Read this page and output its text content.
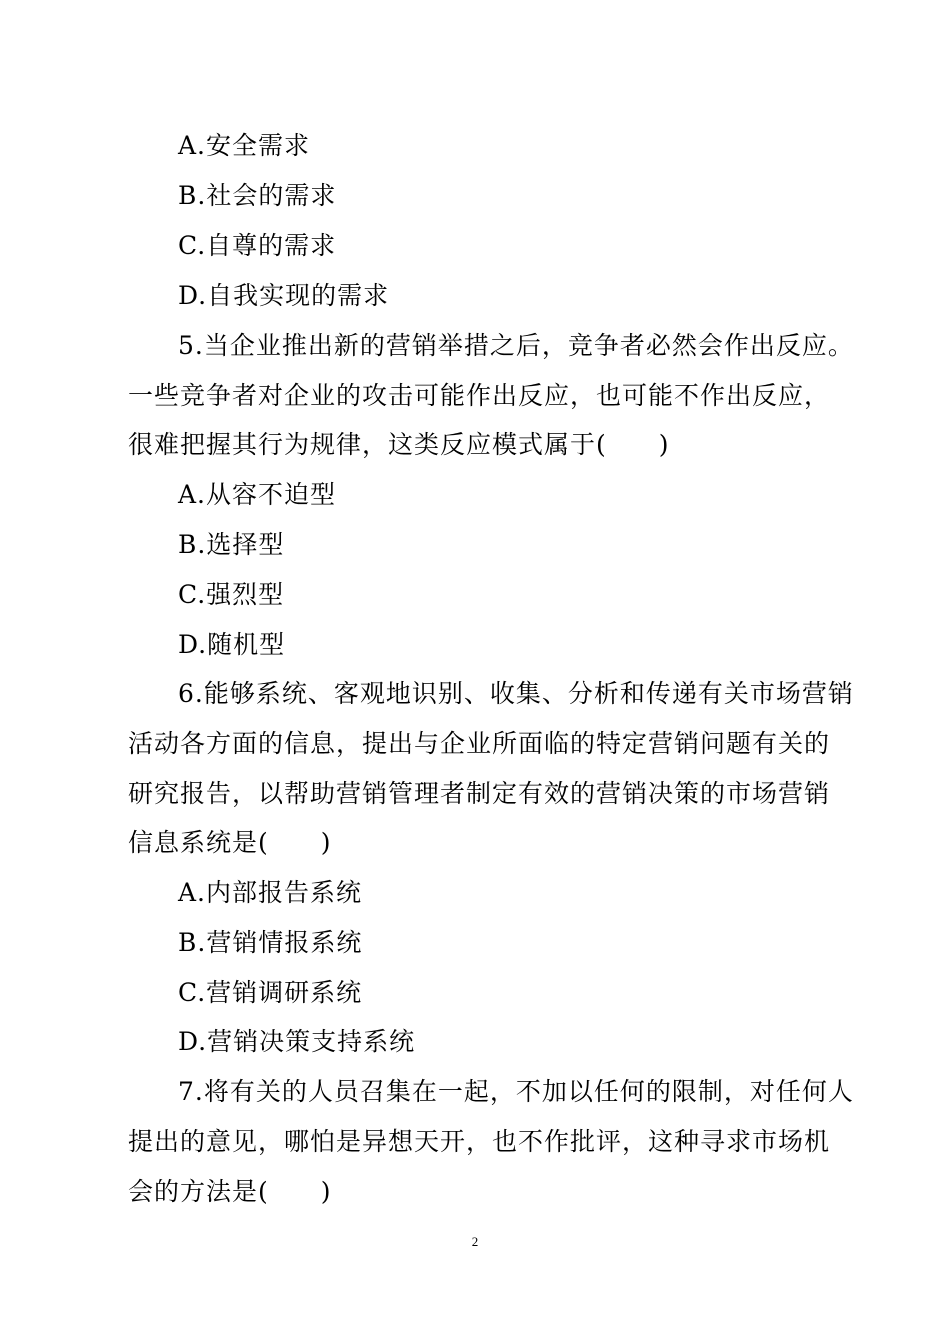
A.安全需求
B.社会的需求
C.自尊的需求
D.自我实现的需求
5.当企业推出新的营销举措之后，竞争者必然会作出反应。
一些竞争者对企业的攻击可能作出反应，也可能不作出反应，
很难把握其行为规律，这类反应模式属于(　　)
A.从容不迫型
B.选择型
C.强烈型
D.随机型
6.能够系统、客观地识别、收集、分析和传递有关市场营销
活动各方面的信息，提出与企业所面临的特定营销问题有关的
研究报告，以帮助营销管理者制定有效的营销决策的市场营销
信息系统是(　　)
A.内部报告系统
B.营销情报系统
C.营销调研系统
D.营销决策支持系统
7.将有关的人员召集在一起，不加以任何的限制，对任何人
提出的意见，哪怕是异想天开，也不作批评，这种寻求市场机
会的方法是(　　)
2
